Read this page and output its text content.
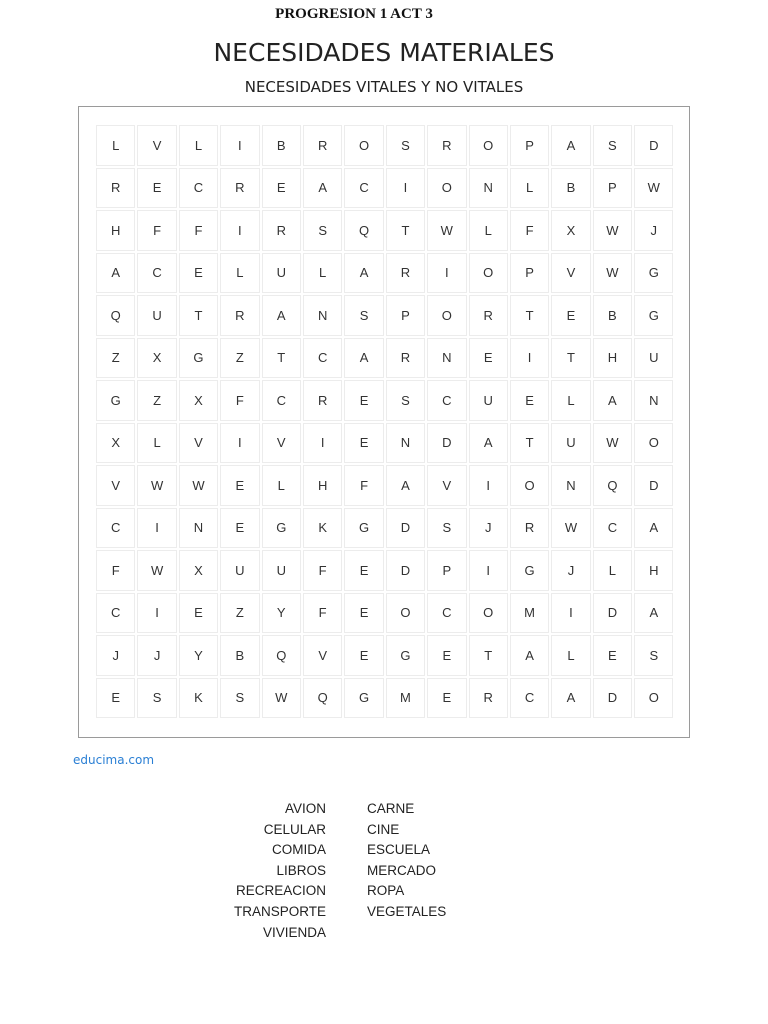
PROGRESION 1 ACT 3
NECESIDADES MATERIALES
NECESIDADES VITALES Y NO VITALES
L	V	L	I	B	R	O	S	R	O	P	A	S	D
R	E	C	R	E	A	C	I	O	N	L	B	P	W
H	F	F	I	R	S	Q	T	W	L	F	X	W	J
A	C	E	L	U	L	A	R	I	O	P	V	W	G
Q	U	T	R	A	N	S	P	O	R	T	E	B	G
Z	X	G	Z	T	C	A	R	N	E	I	T	H	U
G	Z	X	F	C	R	E	S	C	U	E	L	A	N
X	L	V	I	V	I	E	N	D	A	T	U	W	O
V	W	W	E	L	H	F	A	V	I	O	N	Q	D
C	I	N	E	G	K	G	D	S	J	R	W	C	A
F	W	X	U	U	F	E	D	P	I	G	J	L	H
C	I	E	Z	Y	F	E	O	C	O	M	I	D	A
J	J	Y	B	Q	V	E	G	E	T	A	L	E	S
E	S	K	S	W	Q	G	M	E	R	C	A	D	O
educima.com
AVION
CELULAR
COMIDA
LIBROS
RECREACION
TRANSPORTE
VIVIENDA
CARNE
CINE
ESCUELA
MERCADO
ROPA
VEGETALES
